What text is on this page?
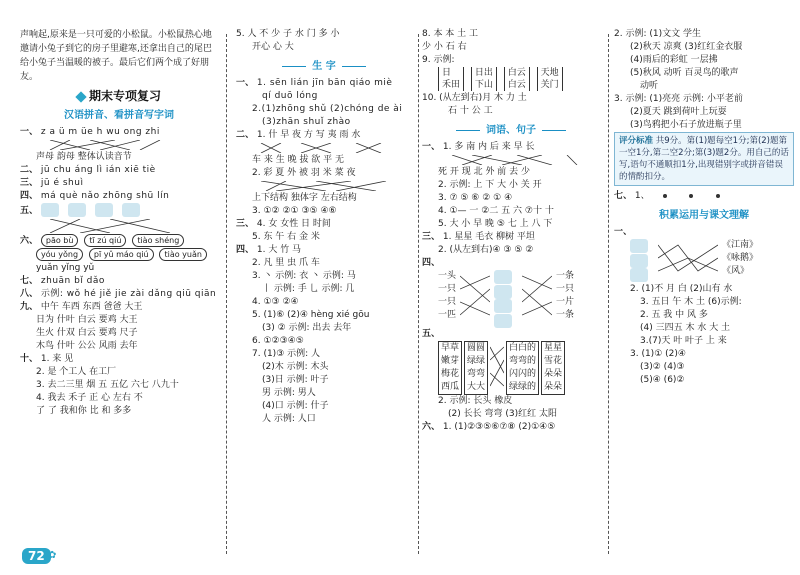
声响起,原来是一只可爱的小松鼠。小松鼠热心地邀请小兔子到它的房子里避寒,还拿出自己的尾巴给小兔子当温暖的被子。最后它们两个成了好朋友。
期末专项复习
汉语拼音、看拼音写字词
一、 z a ü m üe h wu ong zhi
声母 韵母 整体认读音节
二、 jū chu áng lì ián xiē tiè
三、 jū é shuì
四、 má què nǎo zhōng shū lín
五、
六、 pāo bù tī zú qiú tiào shéng
yóu yǒng pī yǔ máo qiú tiào yuǎn
yuǎn yǐng yǔ
七、 zhuān bǐ dǎo
八、 示例: wǒ hé jiě jie zài dǎng qiū qiān
九、 中午 车西 东西 爸爸 大王
日为 什叶 白云 要鸡 大王
生火 什双 白云 要鸡 尺子
木鸟 什叶 公公 风雨 去年
十、 1. 来 见
2. 是 个工人 在工厂
3. 去二三里 烟 五 五亿 六七 八九十
4. 我去 禾子 正 心 左右 不
了 了 我和你 比 和 多多
5. 人 不 少 子 水 门 多 小
开心 心 大
生 字
一、 1. sēn lián jīn bān qiáo miè
qí duō lóng
2.(1)zhōng shǔ (2)chóng de ài
(3)zhān shuǐ zhào
二、 1. 什 早 夜 方 写 夷 雨 水
车 来 生 晚 拔 欲 平 无
2. 彩 夏 外 被 羽 米 菜 夜
上下结构 独体字 左右结构
3. ①② ②① ③⑤ ④⑥
三、 4. 女 女性 日 时间
5. 东 午 右 金 米
四、 1. 大 竹 马
2. 凡 里 虫 爪 车
3. 丶 示例: 衣 丶 示例: 马
丨 示例: 手 乚 示例: 几
4. ①③ ②④
5. (1)⑥ (2)④ hèng xié gōu
(3) ② 示例: 出去 去年
6. ①②③④⑤
7. (1)③ 示例: 人
(2)木 示例: 木头
(3)日 示例: 叶子
男 示例: 男人
(4)口 示例: 什子
人 示例: 人口
8. 本 本 土 工
少 小 石 右
9. 示例:
日
禾田 日出
下山 白云
白云 天地
关门
10. (从左到右)月 木 力 土
石 十 公 工
词语、句子
一、 1. 多 南 内 后 来 早 长
死 开 现 北 外 前 去 少
2. 示例: 上 下 大 小 关 开
3. ⑦ ⑤ ⑥ ② ① ④
4. ①— 一 ②二 五 六 ⑦十 十
5. 大 小 早 晚 ⑤ 七 上 八 下
三、 1. 星星 毛衣 柳树 平坦
2. (从左到右)④ ③ ⑤ ②
四、
一头
一只
一只
一匹
一条
一只
一片
一条
五、
早草
嫩芽
梅花
西瓜
圆圆
绿绿
弯弯
大大
白白的
弯弯的
闪闪的
绿绿的
星星
雪花
朵朵
朵朵
2. 示例: 长头 橡皮
(2) 长长 弯弯 (3)红红 太阳
六、 1. (1)②③⑤⑥⑦⑧ (2)①④⑤
2. 示例: (1)文文 学生
(2)秋天 凉爽 (3)红红金衣服
(4)雨后的彩虹 一层拂
(5)秋风 动听 百灵鸟的歌声
动听
3. 示例: (1)亮亮 示例: 小平老前
(2)夏天 跳到荷叶上玩耍
(3)鸟鸦把小石子放进瓶子里
评分标准 共9分。第(1)题每空1分;第(2)题第一空1分,第二空2分;第(3)题2分。用自己的话写,语句不通顺扣1分,出现错别字或拼音错误的情酌扣分。
七、 1、
积累运用与课文理解
一、
《江南》
《咏鹅》
《风》
2. (1)不 月 白 (2)山有 水
3. 五日 午 木 土 (6)示例:
2. 五 我 中 风 多
(4) 三四五 木 水 大 土
3.(7)天 叶 叶子 上 来
3. (1)① (2)④
(3)② (4)③
(5)④ (6)②
72 ✿
